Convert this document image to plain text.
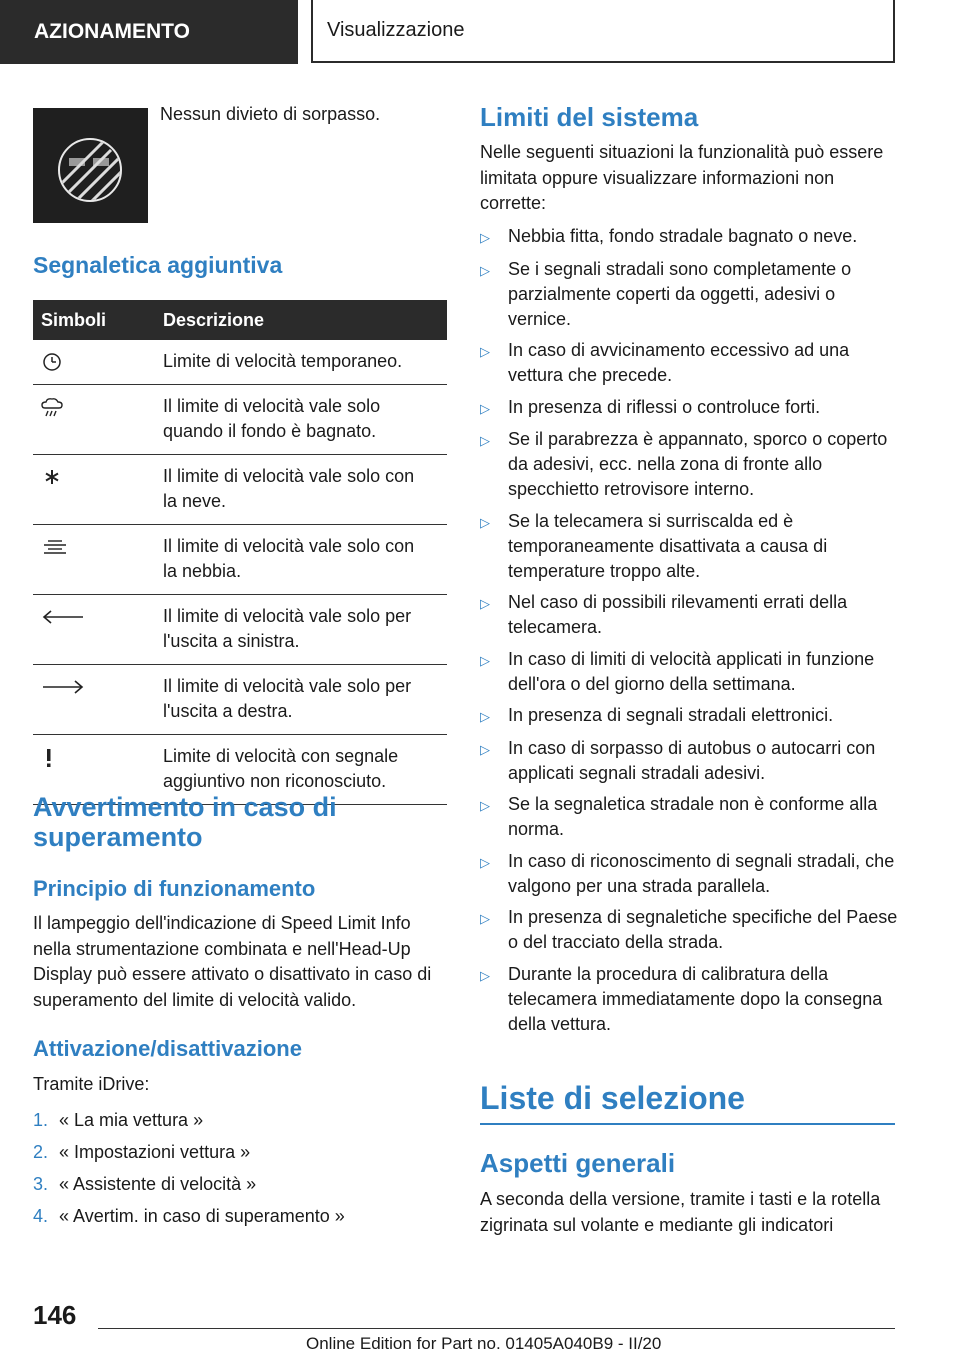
AZIONAMENTO	Visualizzazione
Nessun divieto di sorpasso.
Segnaletica aggiuntiva
Simboli	Descrizione

Limite di velocità temporaneo.

Il limite di velocità vale solo
quando il fondo è bagnato.

Il limite di velocità vale solo con
la neve.

Il limite di velocità vale solo con
la nebbia.

Il limite di velocità vale solo per
l'uscita a sinistra.

Il limite di velocità vale solo per
l'uscita a destra.

Limite di velocità con segnale
aggiuntivo non riconosciuto.
Avvertimento in caso di superamento
Principio di funzionamento
Il lampeggio dell'indicazione di Speed Limit Info nella strumentazione combinata e nell'Head-Up Display può essere attivato o disattivato in caso di superamento del limite di velocità valido.
Attivazione/disattivazione
Tramite iDrive:
1. « La mia vettura »
2. « Impostazioni vettura »
3. « Assistente di velocità »
4. « Avertim. in caso di superamento »
Limiti del sistema
Nelle seguenti situazioni la funzionalità può essere limitata oppure visualizzare informazioni non corrette:
▷	Nebbia fitta, fondo stradale bagnato o neve.
▷	Se i segnali stradali sono completamente o parzialmente coperti da oggetti, adesivi o vernice.
▷	In caso di avvicinamento eccessivo ad una vettura che precede.
▷	In presenza di riflessi o controluce forti.
▷	Se il parabrezza è appannato, sporco o coperto da adesivi, ecc. nella zona di fronte allo specchietto retrovisore interno.
▷	Se la telecamera si surriscalda ed è temporaneamente disattivata a causa di temperature troppo alte.
▷	Nel caso di possibili rilevamenti errati della telecamera.
▷	In caso di limiti di velocità applicati in funzione dell'ora o del giorno della settimana.
▷	In presenza di segnali stradali elettronici.
▷	In caso di sorpasso di autobus o autocarri con applicati segnali stradali adesivi.
▷	Se la segnaletica stradale non è conforme alla norma.
▷	In caso di riconoscimento di segnali stradali, che valgono per una strada parallela.
▷	In presenza di segnaletiche specifiche del Paese o del tracciato della strada.
▷	Durante la procedura di calibratura della telecamera immediatamente dopo la consegna della vettura.
Liste di selezione
Aspetti generali
A seconda della versione, tramite i tasti e la rotella zigrinata sul volante e mediante gli indicatori
146
Online Edition for Part no. 01405A040B9 - II/20
